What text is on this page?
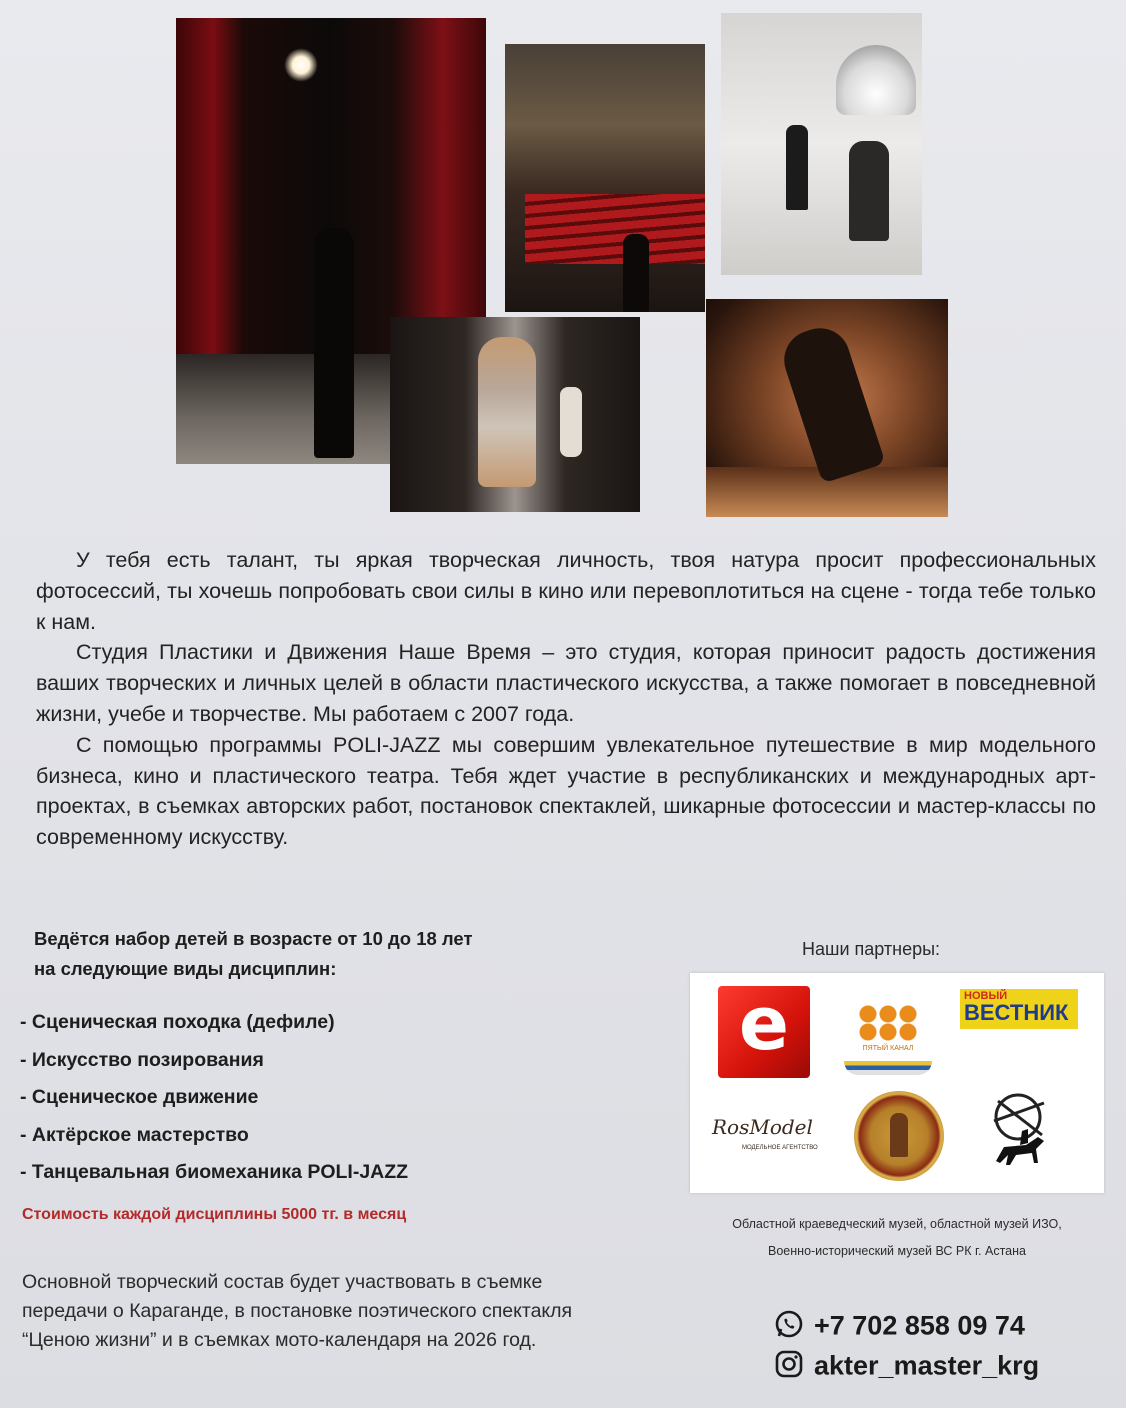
У тебя есть талант, ты яркая творческая личность, твоя натура просит профессиональных фотосессий, ты хочешь попробовать свои силы в кино или перевоплотиться на сцене - тогда тебе только к нам.

Студия Пластики и Движения Наше Время – это студия, которая приносит радость достижения ваших творческих и личных целей в области пластического искусства, а также помогает в повседневной жизни, учебе и творчестве. Мы работаем с 2007 года.

С помощью программы POLI-JAZZ мы совершим увлекательное путешествие в мир модельного бизнеса, кино и пластического театра. Тебя ждет участие в республиканских и международных арт-проектах, в съемках авторских работ, постановок спектаклей, шикарные фотосессии и мастер-классы по современному искусству.

Ведётся набор детей в возрасте от 10 до 18 лет
на следующие виды дисциплин:
- Сценическая походка (дефиле)
- Искусство позирования
- Сценическое движение
- Актёрское мастерство
- Танцевальная биомеханика POLI-JAZZ
Стоимость каждой дисциплины 5000 тг. в месяц
Основной творческий состав будет участвовать в съемке передачи о Караганде, в постановке поэтического спектакля “Ценою жизни” и в съемках мото-календаря на 2026 год.
Наши партнеры:
е	ПЯТЫЙ КАНАЛ
НОВЫЙ
ВЕСТНИК
RosModel
МОДЕЛЬНОЕ АГЕНТСТВО
Областной краеведческий музей, областной музей ИЗО,
Военно-исторический музей ВС РК г. Астана
+7 702 858 09 74
akter_master_krg
